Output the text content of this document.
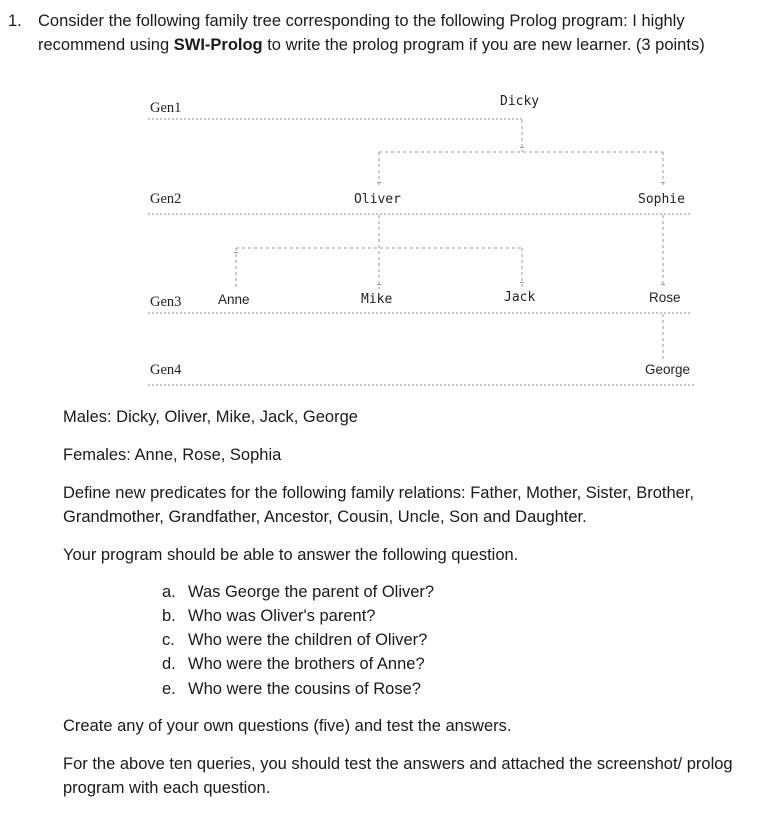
1. Consider the following family tree corresponding to the following Prolog program: I highly
recommend using SWI-Prolog to write the prolog program if you are new learner. (3 points)
Gen1
Gen2
Gen3
Gen4
Dicky
Oliver	Sophie
Anne	Mike	Jack	Rose
George
Males: Dicky, Oliver, Mike, Jack, George
Females: Anne, Rose, Sophia
Define new predicates for the following family relations: Father, Mother, Sister, Brother,
Grandmother, Grandfather, Ancestor, Cousin, Uncle, Son and Daughter.
Your program should be able to answer the following question.
a. Was George the parent of Oliver?
b. Who was Oliver's parent?
c. Who were the children of Oliver?
d. Who were the brothers of Anne?
e. Who were the cousins of Rose?
Create any of your own questions (five) and test the answers.
For the above ten queries, you should test the answers and attached the screenshot/ prolog
program with each question.
